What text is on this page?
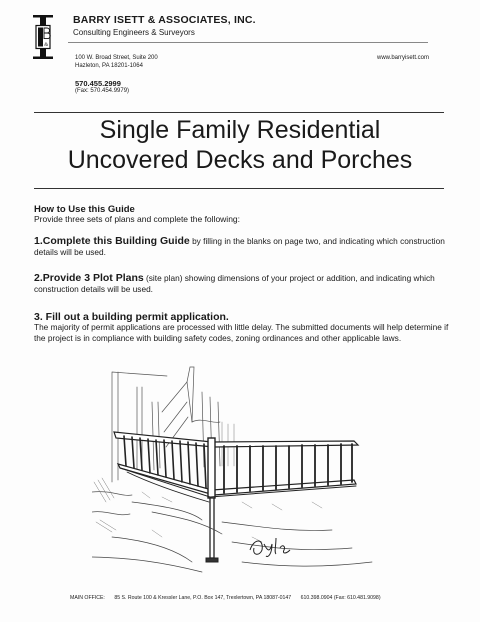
&
BARRY ISETT & ASSOCIATES, INC.
Consulting Engineers & Surveyors
100 W. Broad Street, Suite 200
Hazleton, PA 18201-1064
www.barryisett.com
570.455.2999
(Fax: 570.454.9979)
Single Family Residential
Uncovered Decks and Porches
How to Use this Guide
Provide three sets of plans and complete the following:
1.Complete this Building Guide by filling in the blanks on page two, and indicating which construction details will be used.
2.Provide 3 Plot Plans (site plan) showing dimensions of your project or addition, and indicating which construction details will be used.
3. Fill out a building permit application.
The majority of permit applications are processed with little delay. The submitted documents will help determine if the project is in compliance with building safety codes, zoning ordinances and other applicable laws.
MAIN OFFICE: 85 S. Route 100 & Kressler Lane, P.O. Box 147, Trexlertown, PA 18087-0147 610.398.0904 (Fax: 610.481.9098)
